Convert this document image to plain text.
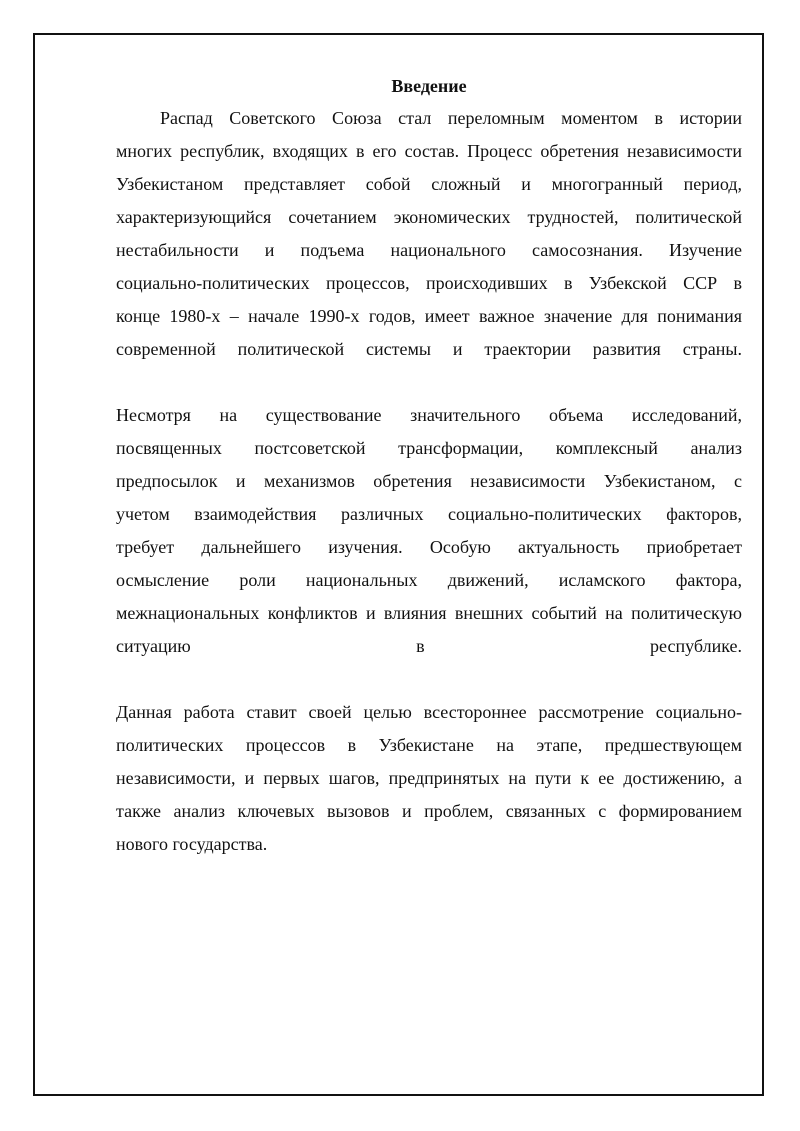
Введение
Распад Советского Союза стал переломным моментом в истории
многих республик, входящих в его состав. Процесс обретения независимости
Узбекистаном представляет собой сложный и многогранный период,
характеризующийся сочетанием экономических трудностей, политической
нестабильности и подъема национального самосознания. Изучение
социально-политических процессов, происходивших в Узбекской ССР в
конце 1980-х – начале 1990-х годов, имеет важное значение для понимания
современной политической системы и траектории развития страны.
Несмотря на существование значительного объема исследований,
посвященных постсоветской трансформации, комплексный анализ
предпосылок и механизмов обретения независимости Узбекистаном, с
учетом взаимодействия различных социально-политических факторов,
требует дальнейшего изучения. Особую актуальность приобретает
осмысление роли национальных движений, исламского фактора,
межнациональных конфликтов и влияния внешних событий на политическую
ситуацию в республике.
Данная работа ставит своей целью всестороннее рассмотрение социально-
политических процессов в Узбекистане на этапе, предшествующем
независимости, и первых шагов, предпринятых на пути к ее достижению, а
также анализ ключевых вызовов и проблем, связанных с формированием
нового государства.
